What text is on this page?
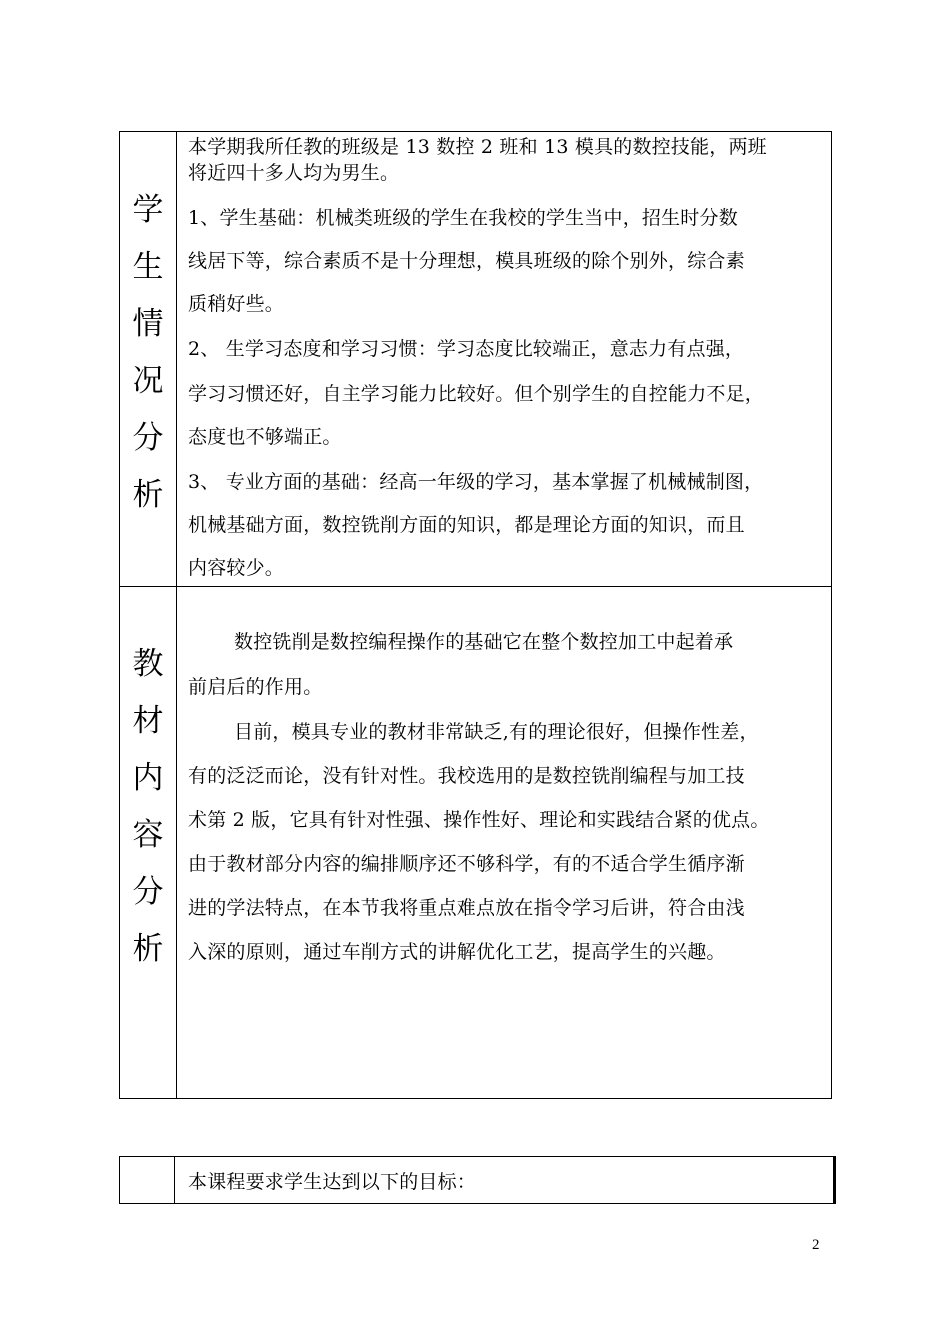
学
生
情
况
分
析

本学期我所任教的班级是 13 数控 2 班和 13 模具的数控技能，两班

将近四十多人均为男生。

1、学生基础：机械类班级的学生在我校的学生当中，招生时分数

线居下等，综合素质不是十分理想，模具班级的除个别外，综合素

质稍好些。

2、 生学习态度和学习习惯：学习态度比较端正，意志力有点强，

学习习惯还好，自主学习能力比较好。但个别学生的自控能力不足，

态度也不够端正。

3、 专业方面的基础：经高一年级的学习，基本掌握了机械械制图，

机械基础方面，数控铣削方面的知识，都是理论方面的知识，而且

内容较少。

教
材
内
容
分
析

数控铣削是数控编程操作的基础它在整个数控加工中起着承

前启后的作用。

目前，模具专业的教材非常缺乏,有的理论很好，但操作性差，

有的泛泛而论，没有针对性。我校选用的是数控铣削编程与加工技

术第 2 版，它具有针对性强、操作性好、理论和实践结合紧的优点。

由于教材部分内容的编排顺序还不够科学，有的不适合学生循序渐

进的学法特点，在本节我将重点难点放在指令学习后讲，符合由浅

入深的原则，通过车削方式的讲解优化工艺，提高学生的兴趣。

本课程要求学生达到以下的目标：

2
